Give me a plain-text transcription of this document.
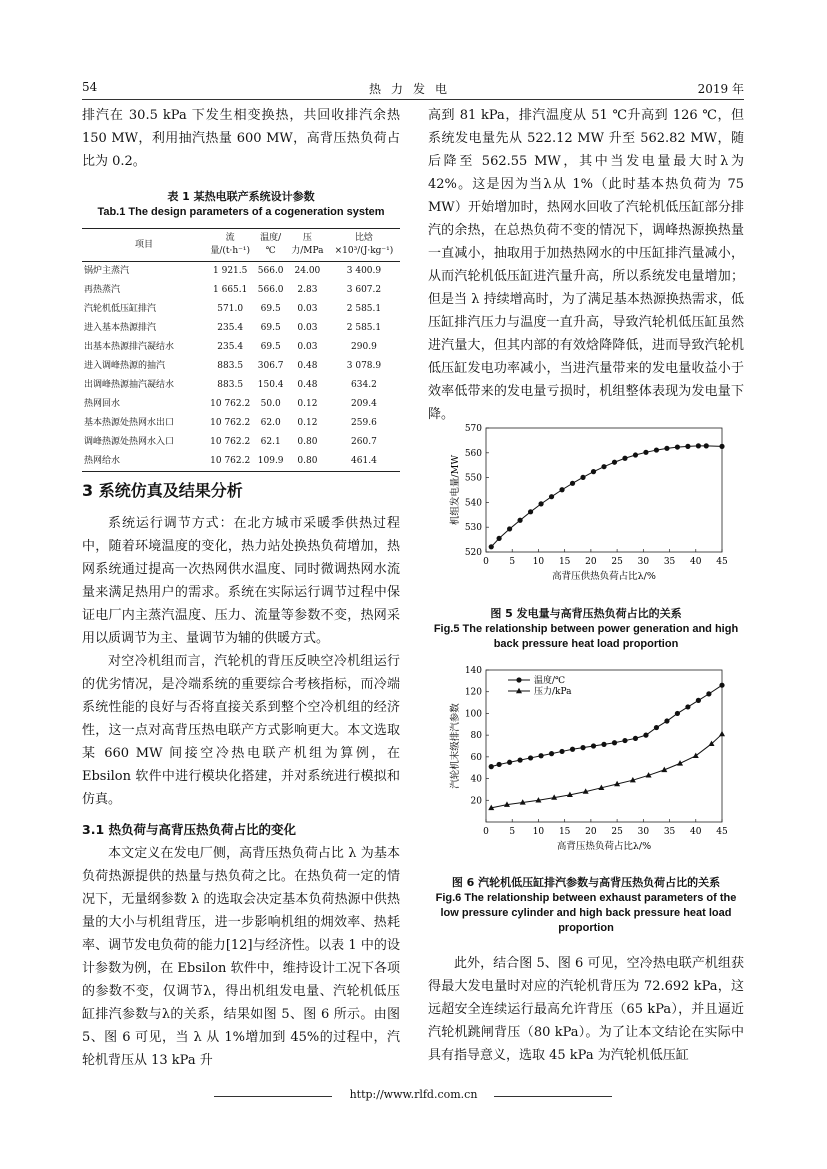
54	热力发电	2019 年

排汽在 30.5 kPa 下发生相变换热，共回收排汽余热 150 MW，利用抽汽热量 600 MW，高背压热负荷占比为 0.2。

表 1 某热电联产系统设计参数
Tab.1 The design parameters of a cogeneration system
项目	流量/(t·h⁻¹)	温度/℃	压力/MPa	比焓×10³/(J·kg⁻¹)
锅炉主蒸汽	1 921.5	566.0	24.00	3 400.9
再热蒸汽	1 665.1	566.0	2.83	3 607.2
汽轮机低压缸排汽	571.0	69.5	0.03	2 585.1
进入基本热源排汽	235.4	69.5	0.03	2 585.1
出基本热源排汽凝结水	235.4	69.5	0.03	290.9
进入调峰热源的抽汽	883.5	306.7	0.48	3 078.9
出调峰热源抽汽凝结水	883.5	150.4	0.48	634.2
热网回水	10 762.2	50.0	0.12	209.4
基本热源处热网水出口	10 762.2	62.0	0.12	259.6
调峰热源处热网水入口	10 762.2	62.1	0.80	260.7
热网给水	10 762.2	109.9	0.80	461.4
3 系统仿真及结果分析

系统运行调节方式：在北方城市采暖季供热过程中，随着环境温度的变化，热力站处换热负荷增加，热网系统通过提高一次热网供水温度、同时微调热网水流量来满足热用户的需求。系统在实际运行调节过程中保证电厂内主蒸汽温度、压力、流量等参数不变，热网采用以质调节为主、量调节为辅的供暖方式。

对空冷机组而言，汽轮机的背压反映空冷机组运行的优劣情况，是冷端系统的重要综合考核指标，而冷端系统性能的良好与否将直接关系到整个空冷机组的经济性，这一点对高背压热电联产方式影响更大。本文选取某 660 MW 间接空冷热电联产机组为算例，在 Ebsilon 软件中进行模块化搭建，并对系统进行模拟和仿真。

3.1 热负荷与高背压热负荷占比的变化

本文定义在发电厂侧，高背压热负荷占比 λ 为基本负荷热源提供的热量与热负荷之比。在热负荷一定的情况下，无量纲参数 λ 的选取会决定基本负荷热源中供热量的大小与机组背压，进一步影响机组的㶲效率、热耗率、调节发电负荷的能力[12]与经济性。以表 1 中的设计参数为例，在 Ebsilon 软件中，维持设计工况下各项的参数不变，仅调节λ，得出机组发电量、汽轮机低压缸排汽参数与λ的关系，结果如图 5、图 6 所示。由图 5、图 6 可见，当 λ 从 1%增加到 45%的过程中，汽轮机背压从 13 kPa 升

高到 81 kPa，排汽温度从 51 ℃升高到 126 ℃，但系统发电量先从 522.12 MW 升至 562.82 MW，随后降至 562.55 MW，其中当发电量最大时λ为 42%。这是因为当λ从 1%（此时基本热负荷为 75 MW）开始增加时，热网水回收了汽轮机低压缸部分排汽的余热，在总热负荷不变的情况下，调峰热源换热量一直减小，抽取用于加热热网水的中压缸排汽量减小，从而汽轮机低压缸进汽量升高，所以系统发电量增加；但是当 λ 持续增高时，为了满足基本热源换热需求，低压缸排汽压力与温度一直升高，导致汽轮机低压缸虽然进汽量大，但其内部的有效焓降降低，进而导致汽轮机低压缸发电功率减小，当进汽量带来的发电量收益小于效率低带来的发电量亏损时，机组整体表现为发电量下降。

0 5 10 15 20 25 30 35 40 45
520
530
540
550
560
570
高背压供热负荷占比λ/%
机组发电量/MW
图 5 发电量与高背压热负荷占比的关系
Fig.5 The relationship between power generation and high back pressure heat load proportion
0 5 10 15 20 25 30 35 40 45
20
40
60
80
100
120
140
高背压热负荷占比λ/%
汽轮机末级排汽参数
温度/℃
压力/kPa
图 6 汽轮机低压缸排汽参数与高背压热负荷占比的关系
Fig.6 The relationship between exhaust parameters of the low pressure cylinder and high back pressure heat load proportion

此外，结合图 5、图 6 可见，空冷热电联产机组获得最大发电量时对应的汽轮机背压为 72.692 kPa，这远超安全连续运行最高允许背压（65 kPa），并且逼近汽轮机跳闸背压（80 kPa）。为了让本文结论在实际中具有指导意义，选取 45 kPa 为汽轮机低压缸

http://www.rlfd.com.cn
